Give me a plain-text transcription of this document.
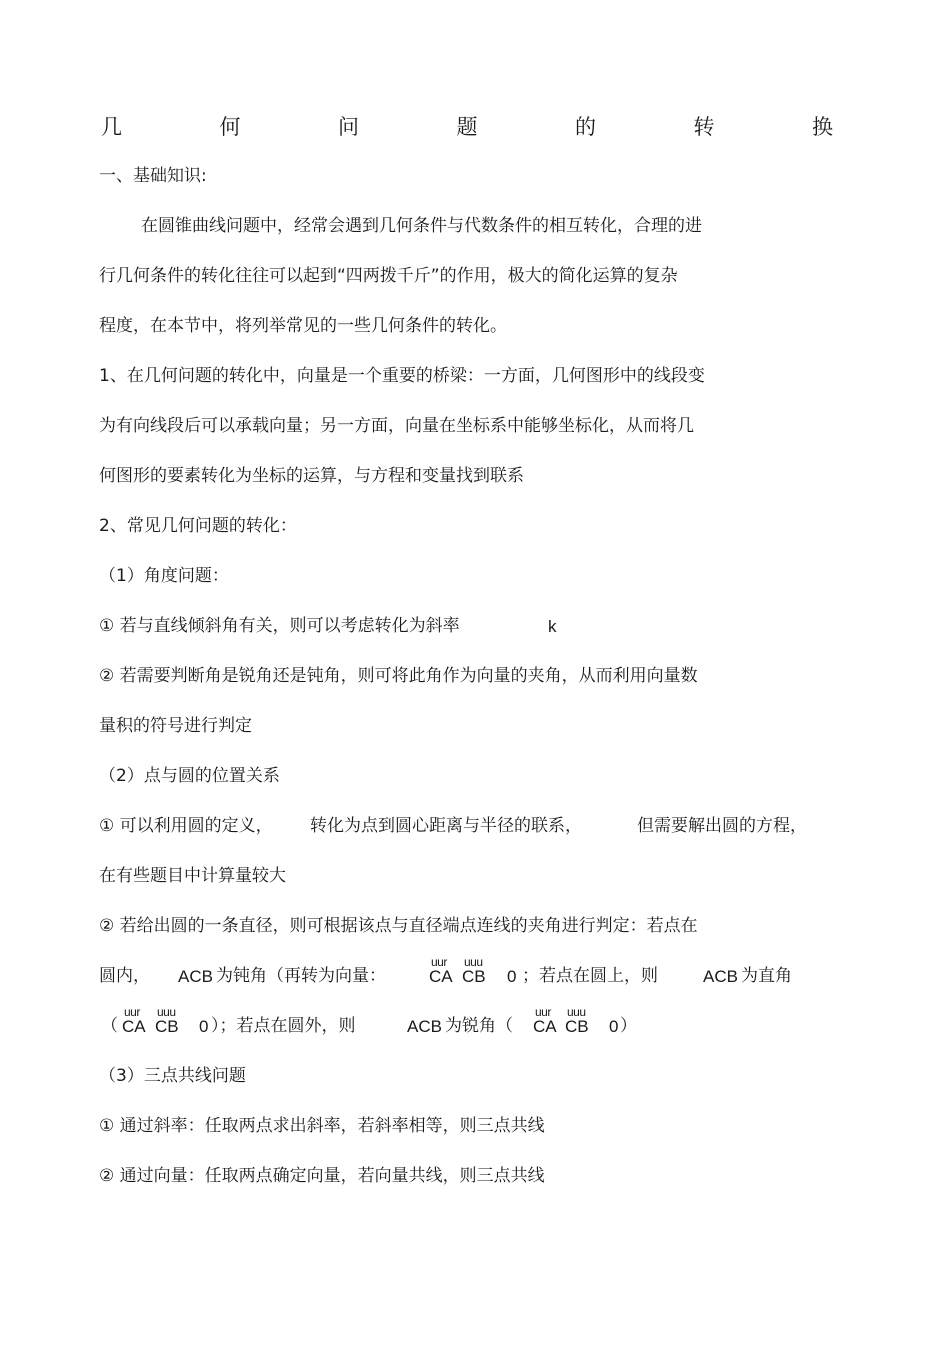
几	何	问	题	的	转	换
一、基础知识:
在圆锥曲线问题中，经常会遇到几何条件与代数条件的相互转化，合理的进
行几何条件的转化往往可以起到“四两拨千斤”的作用，极大的简化运算的复杂
程度，在本节中，将列举常见的一些几何条件的转化。
1、在几何问题的转化中，向量是一个重要的桥梁：一方面，几何图形中的线段变
为有向线段后可以承载向量；另一方面，向量在坐标系中能够坐标化，从而将几
何图形的要素转化为坐标的运算，与方程和变量找到联系
2、常见几何问题的转化：
（1）角度问题：
① 若与直线倾斜角有关，则可以考虑转化为斜率	k
② 若需要判断角是锐角还是钝角，则可将此角作为向量的夹角，从而利用向量数
量积的符号进行判定
（2）点与圆的位置关系
① 可以利用圆的定义， 转化为点到圆心距离与半径的联系，	但需要解出圆的方程，
在有些题目中计算量较大
② 若给出圆的一条直径，则可根据该点与直径端点连线的夹角进行判定：若点在
圆内， ACB 为钝角（再转为向量：
uur
CA
uuu
CB 0 ；若点在圆上，则	ACB 为直角
（
uur
CA
uuu
CB 0 ）；若点在圆外，则	ACB 为锐角（
uur
CA
uuu
CB 0 ）
（3）三点共线问题
① 通过斜率：任取两点求出斜率，若斜率相等，则三点共线
② 通过向量：任取两点确定向量，若向量共线，则三点共线
